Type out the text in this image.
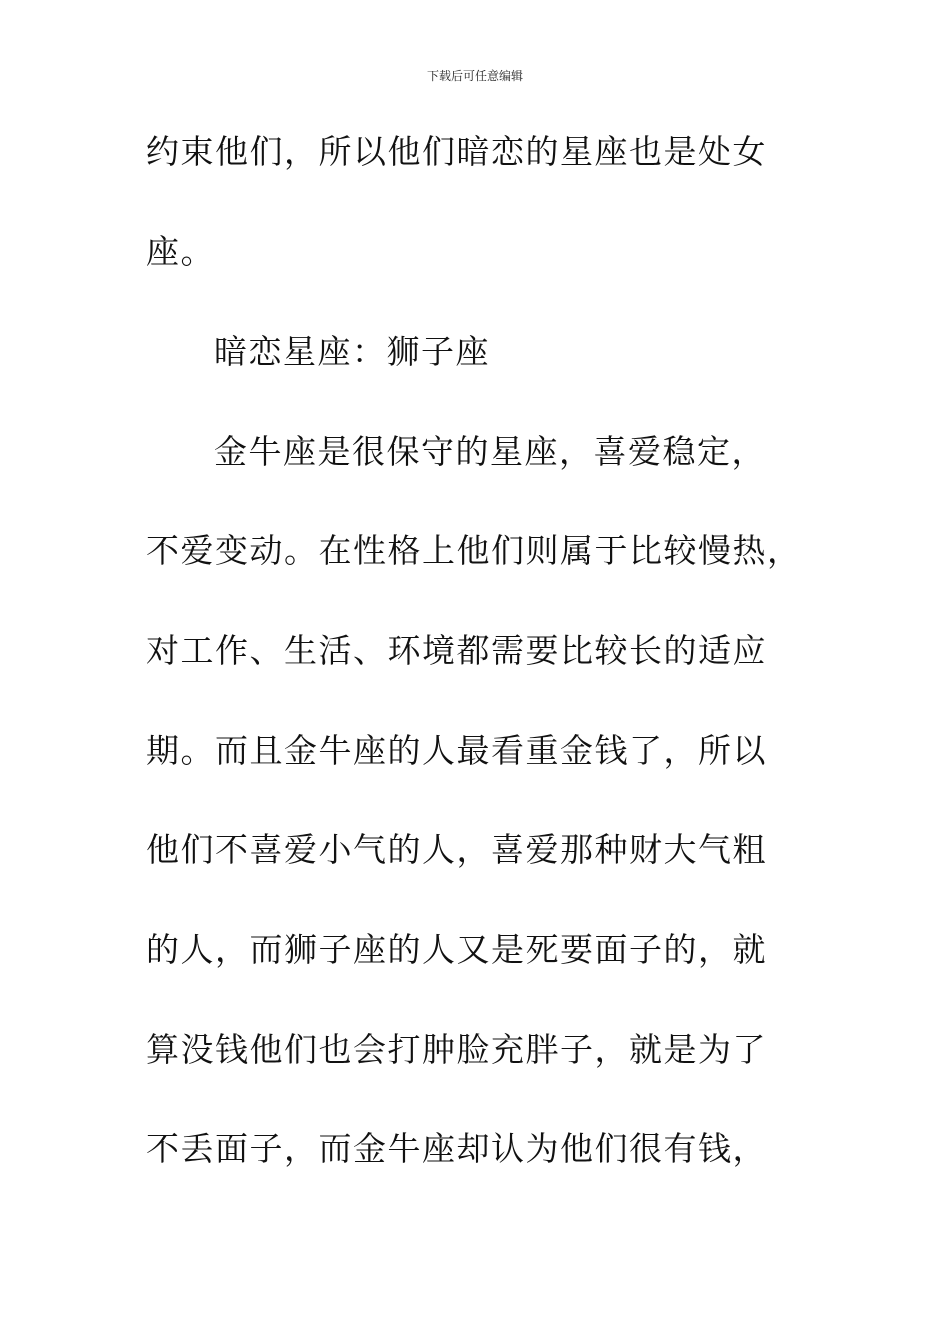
下载后可任意编辑
约束他们，所以他们暗恋的星座也是处女
座。
暗恋星座：狮子座
金牛座是很保守的星座，喜爱稳定，
不爱变动。在性格上他们则属于比较慢热，
对工作、生活、环境都需要比较长的适应
期。而且金牛座的人最看重金钱了，所以
他们不喜爱小气的人，喜爱那种财大气粗
的人，而狮子座的人又是死要面子的，就
算没钱他们也会打肿脸充胖子，就是为了
不丢面子，而金牛座却认为他们很有钱，
